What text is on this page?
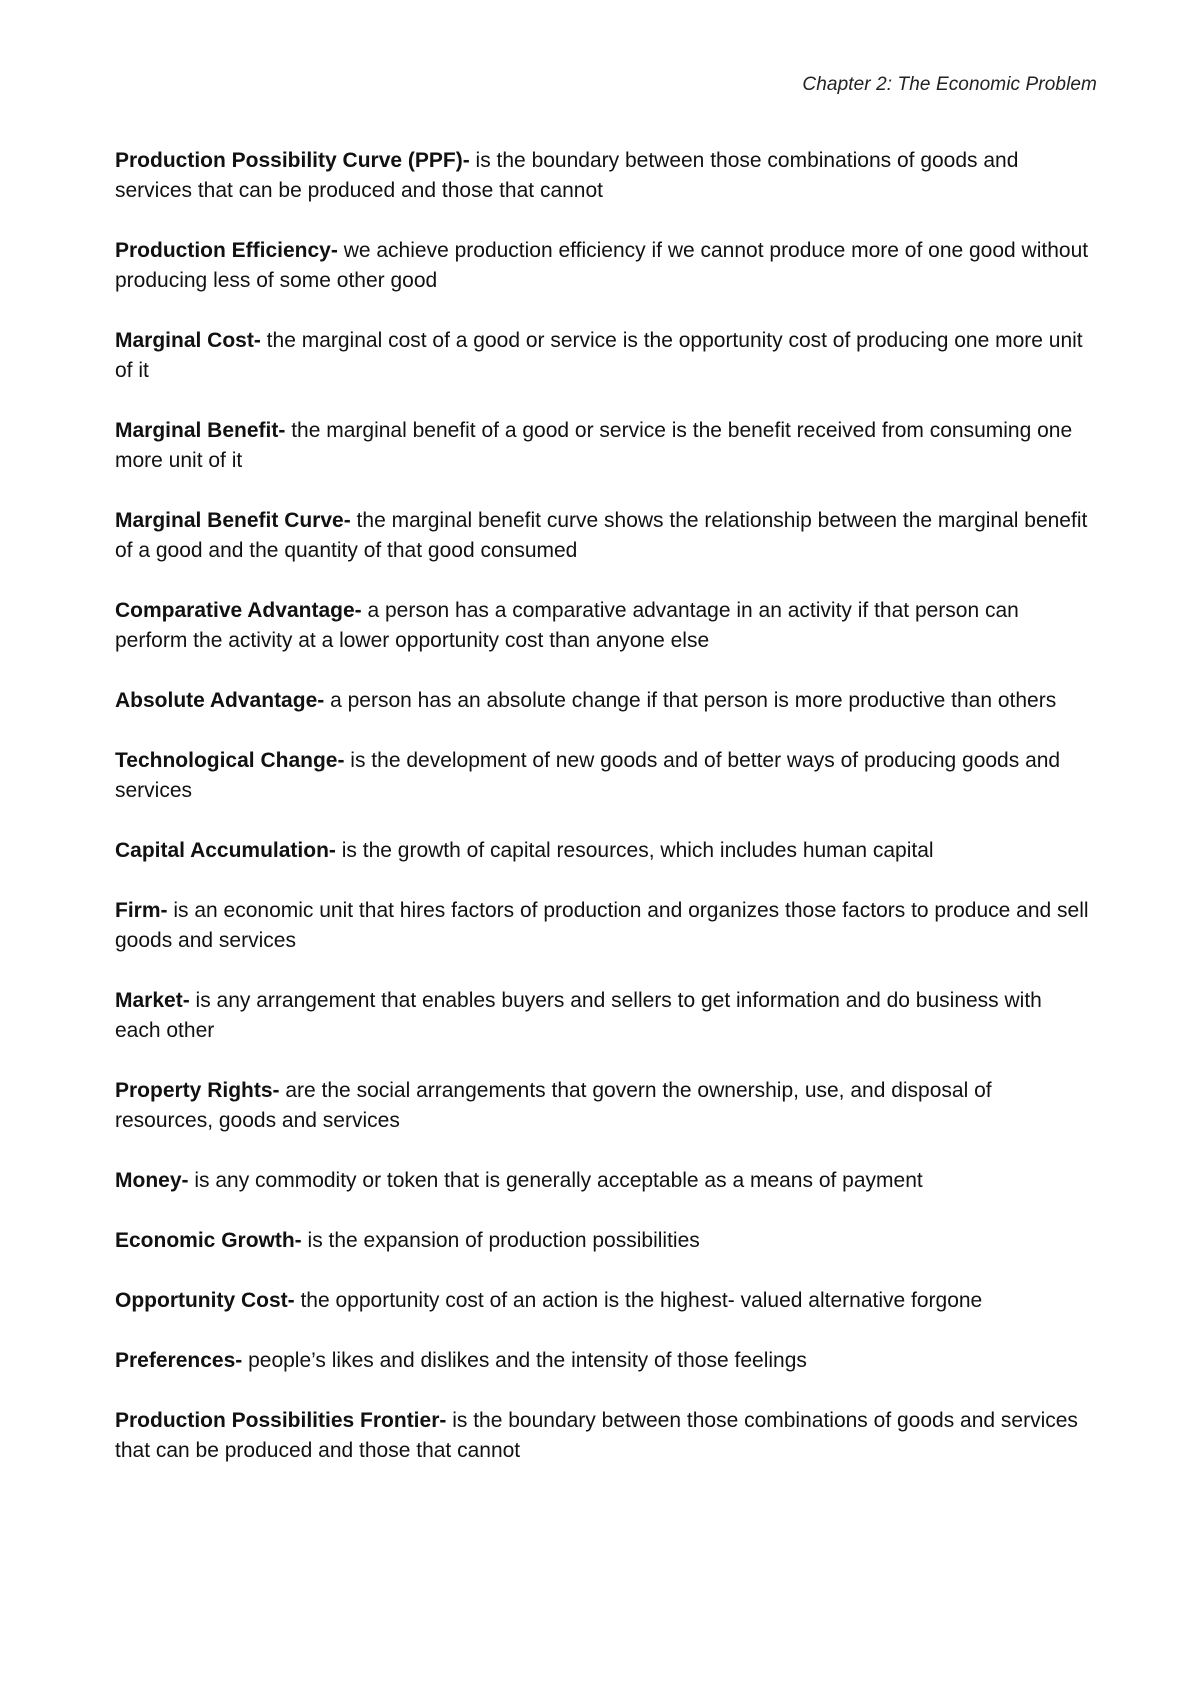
Chapter 2: The Economic Problem

Production Possibility Curve (PPF)- is the boundary between those combinations of goods and services that can be produced and those that cannot

Production Efficiency- we achieve production efficiency if we cannot produce more of one good without producing less of some other good

Marginal Cost- the marginal cost of a good or service is the opportunity cost of producing one more unit of it

Marginal Benefit- the marginal benefit of a good or service is the benefit received from consuming one more unit of it

Marginal Benefit Curve- the marginal benefit curve shows the relationship between the marginal benefit of a good and the quantity of that good consumed

Comparative Advantage- a person has a comparative advantage in an activity if that person can perform the activity at a lower opportunity cost than anyone else

Absolute Advantage- a person has an absolute change if that person is more productive than others

Technological Change- is the development of new goods and of better ways of producing goods and services

Capital Accumulation- is the growth of capital resources, which includes human capital

Firm- is an economic unit that hires factors of production and organizes those factors to produce and sell goods and services

Market- is any arrangement that enables buyers and sellers to get information and do business with each other

Property Rights- are the social arrangements that govern the ownership, use, and disposal of resources, goods and services

Money- is any commodity or token that is generally acceptable as a means of payment

Economic Growth- is the expansion of production possibilities

Opportunity Cost- the opportunity cost of an action is the highest- valued alternative forgone

Preferences- people’s likes and dislikes and the intensity of those feelings

Production Possibilities Frontier- is the boundary between those combinations of goods and services that can be produced and those that cannot
